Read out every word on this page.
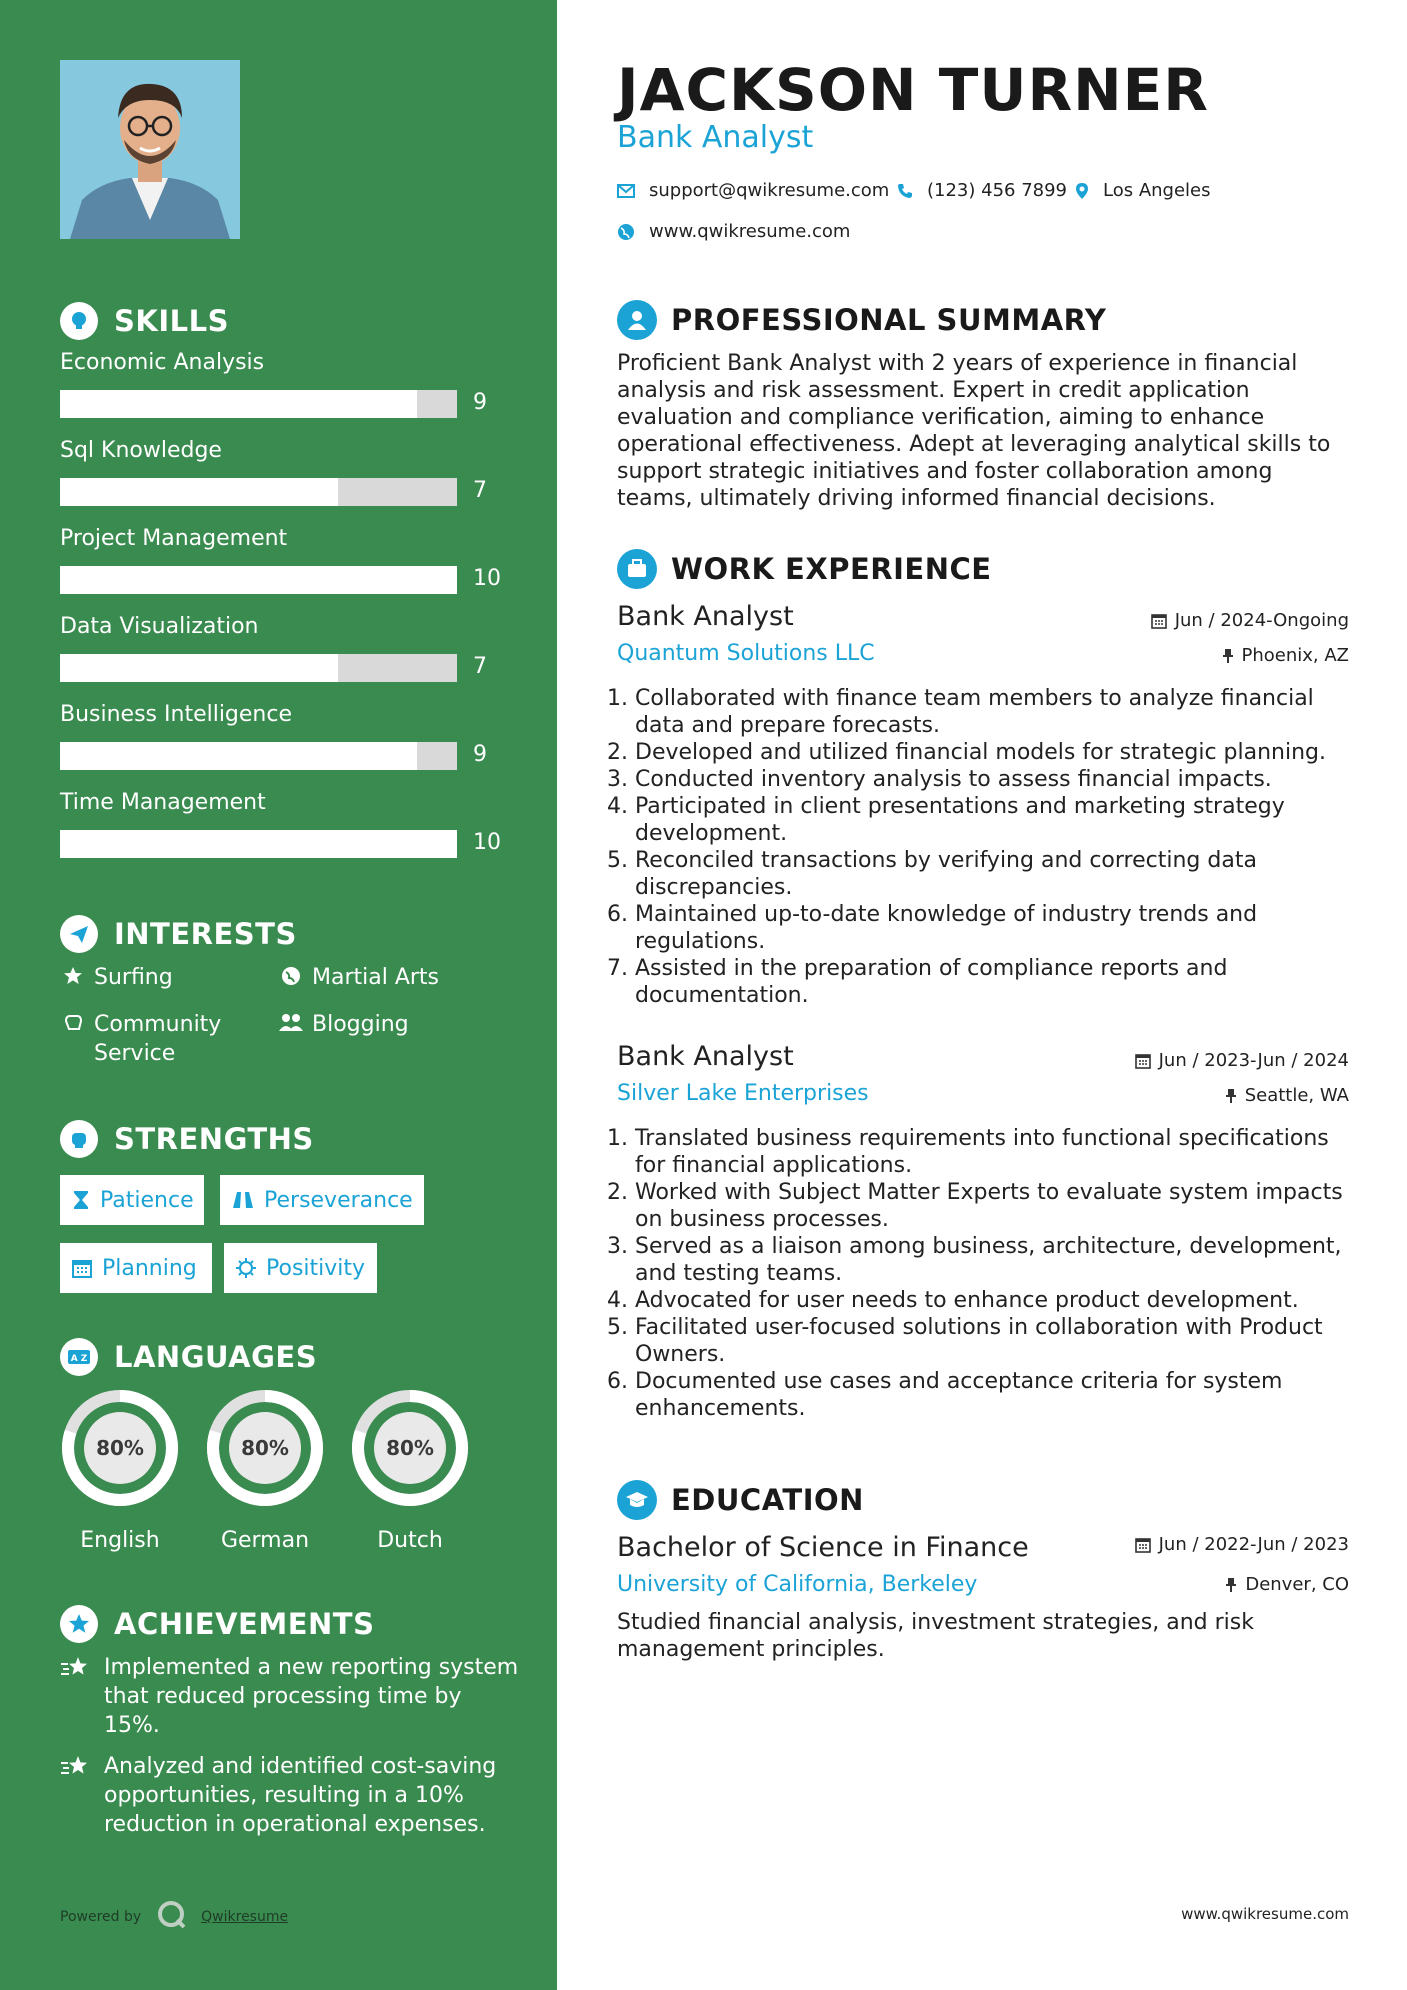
SKILLS
Economic Analysis
9
Sql Knowledge
7
Project Management
10
Data Visualization
7
Business Intelligence
9
Time Management
10
INTERESTS
Surfing	Martial Arts
Community Service
Blogging
STRENGTHS
Patience	Perseverance
Planning	Positivity
A Z LANGUAGES
80%
English
80%
German
80%
Dutch
ACHIEVEMENTS
Implemented a new reporting system that reduced processing time by 15%.
Analyzed and identified cost-saving opportunities, resulting in a 10% reduction in operational expenses.
Powered by	Qwikresume
JACKSON TURNER
Bank Analyst
support@qwikresume.com (123) 456 7899 Los Angeles
www.qwikresume.com
PROFESSIONAL SUMMARY
Proficient Bank Analyst with 2 years of experience in financial analysis and risk assessment. Expert in credit application evaluation and compliance verification, aiming to enhance operational effectiveness. Adept at leveraging analytical skills to support strategic initiatives and foster collaboration among teams, ultimately driving informed financial decisions.
WORK EXPERIENCE
Bank Analyst	Jun / 2024-Ongoing
Quantum Solutions LLC	Phoenix, AZ
1. Collaborated with finance team members to analyze financial data and prepare forecasts.
2. Developed and utilized financial models for strategic planning.
3. Conducted inventory analysis to assess financial impacts.
4. Participated in client presentations and marketing strategy development.
5. Reconciled transactions by verifying and correcting data discrepancies.
6. Maintained up-to-date knowledge of industry trends and regulations.
7. Assisted in the preparation of compliance reports and documentation.
Bank Analyst	Jun / 2023-Jun / 2024
Silver Lake Enterprises	Seattle, WA
1. Translated business requirements into functional specifications for financial applications.
2. Worked with Subject Matter Experts to evaluate system impacts on business processes.
3. Served as a liaison among business, architecture, development, and testing teams.
4. Advocated for user needs to enhance product development.
5. Facilitated user-focused solutions in collaboration with Product Owners.
6. Documented use cases and acceptance criteria for system enhancements.
EDUCATION
Bachelor of Science in Finance	Jun / 2022-Jun / 2023
University of California, Berkeley	Denver, CO
Studied financial analysis, investment strategies, and risk management principles.
www.qwikresume.com
